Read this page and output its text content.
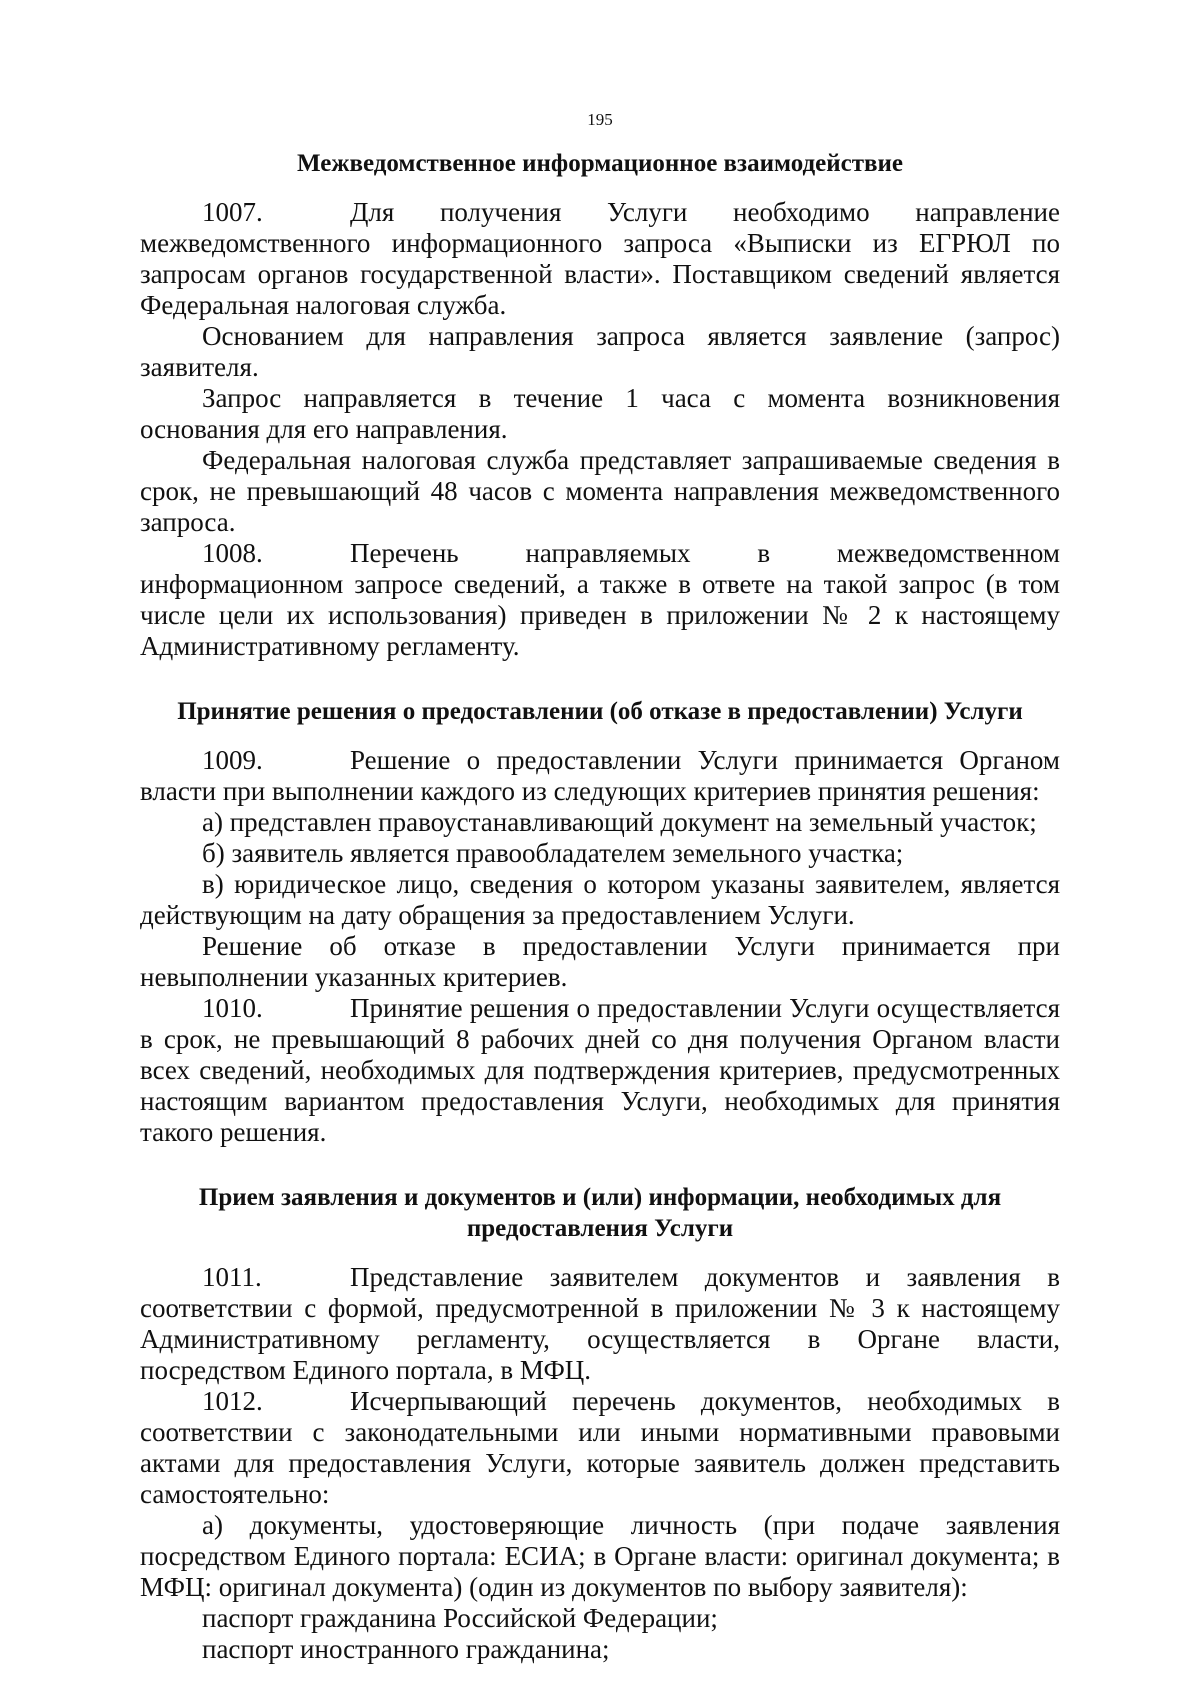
195
Межведомственное информационное взаимодействие

1007.	Для получения Услуги необходимо направление межведомственного информационного запроса «Выписки из ЕГРЮЛ по запросам органов государственной власти». Поставщиком сведений является Федеральная налоговая служба.

Основанием для направления запроса является заявление (запрос) заявителя.

Запрос направляется в течение 1 часа с момента возникновения основания для его направления.

Федеральная налоговая служба представляет запрашиваемые сведения в срок, не превышающий 48 часов с момента направления межведомственного запроса.

1008.	Перечень направляемых в межведомственном информационном запросе сведений, а также в ответе на такой запрос (в том числе цели их использования) приведен в приложении № 2 к настоящему Административному регламенту.

Принятие решения о предоставлении (об отказе в предоставлении) Услуги

1009.	Решение о предоставлении Услуги принимается Органом власти при выполнении каждого из следующих критериев принятия решения:

а) представлен правоустанавливающий документ на земельный участок;

б) заявитель является правообладателем земельного участка;

в) юридическое лицо, сведения о котором указаны заявителем, является действующим на дату обращения за предоставлением Услуги.

Решение об отказе в предоставлении Услуги принимается при невыполнении указанных критериев.

1010.	Принятие решения о предоставлении Услуги осуществляется в срок, не превышающий 8 рабочих дней со дня получения Органом власти всех сведений, необходимых для подтверждения критериев, предусмотренных настоящим вариантом предоставления Услуги, необходимых для принятия такого решения.

Прием заявления и документов и (или) информации, необходимых для
предоставления Услуги

1011.	Представление заявителем документов и заявления в соответствии с формой, предусмотренной в приложении № 3 к настоящему Административному регламенту, осуществляется в Органе власти, посредством Единого портала, в МФЦ.

1012.	Исчерпывающий перечень документов, необходимых в соответствии с законодательными или иными нормативными правовыми актами для предоставления Услуги, которые заявитель должен представить самостоятельно:

а) документы, удостоверяющие личность (при подаче заявления посредством Единого портала: ЕСИА; в Органе власти: оригинал документа; в МФЦ: оригинал документа) (один из документов по выбору заявителя):

паспорт гражданина Российской Федерации;

паспорт иностранного гражданина;
